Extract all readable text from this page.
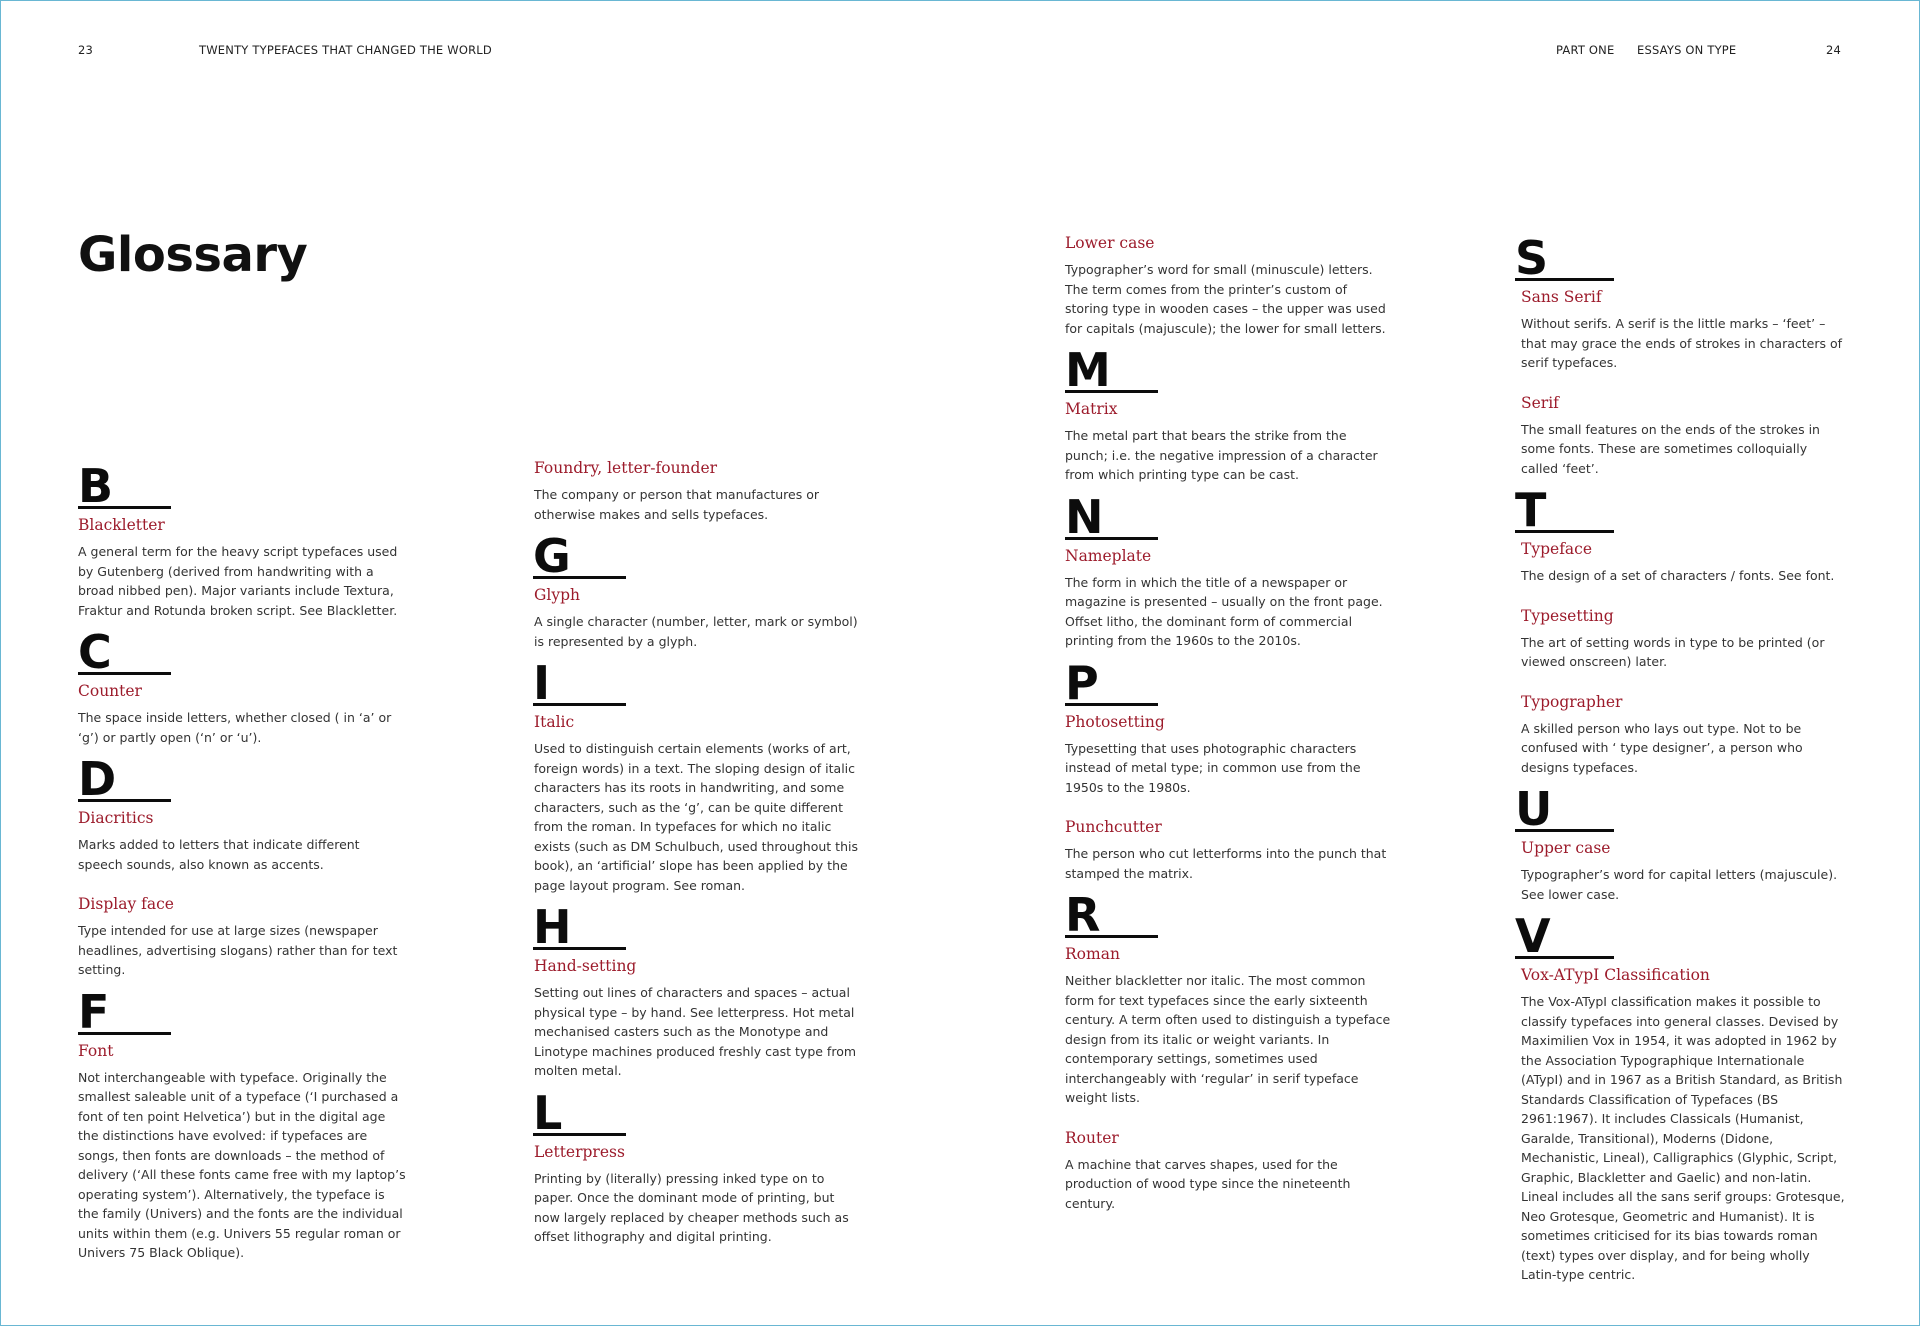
23	TWENTY TYPEFACES THAT CHANGED THE WORLD	PART ONE ESSAYS ON TYPE	24
Glossary
B
Blackletter

A general term for the heavy script typefaces used by Gutenberg (derived from handwriting with a broad nibbed pen). Major variants include Textura, Fraktur and Rotunda broken script. See Blackletter.

C
Counter

The space inside letters, whether closed ( in ‘a’ or ‘g’) or partly open (‘n’ or ‘u’).

D
Diacritics

Marks added to letters that indicate different speech sounds, also known as accents.

Display face

Type intended for use at large sizes (newspaper headlines, advertising slogans) rather than for text setting.

F
Font

Not interchangeable with typeface. Originally the smallest saleable unit of a typeface (‘I purchased a font of ten point Helvetica’) but in the digital age the distinctions have evolved: if typefaces are songs, then fonts are downloads – the method of delivery (‘All these fonts came free with my laptop’s operating system’). Alternatively, the typeface is the family (Univers) and the fonts are the individual units within them (e.g. Univers 55 regular roman or Univers 75 Black Oblique).

Foundry, letter-founder

The company or person that manufactures or otherwise makes and sells typefaces.

G
Glyph

A single character (number, letter, mark or symbol) is represented by a glyph.

I
Italic

Used to distinguish certain elements (works of art, foreign words) in a text. The sloping design of italic characters has its roots in handwriting, and some characters, such as the ‘g’, can be quite different from the roman. In typefaces for which no italic exists (such as DM Schulbuch, used throughout this book), an ‘artificial’ slope has been applied by the page layout program. See roman.

H
Hand-setting

Setting out lines of characters and spaces – actual physical type – by hand. See letterpress. Hot metal mechanised casters such as the Monotype and Linotype machines produced freshly cast type from molten metal.

L
Letterpress

Printing by (literally) pressing inked type on to paper. Once the dominant mode of printing, but now largely replaced by cheaper methods such as offset lithography and digital printing.

Lower case

Typographer’s word for small (minuscule) letters. The term comes from the printer’s custom of storing type in wooden cases – the upper was used for capitals (majuscule); the lower for small letters.

M
Matrix

The metal part that bears the strike from the punch; i.e. the negative impression of a character from which printing type can be cast.

N
Nameplate

The form in which the title of a newspaper or magazine is presented – usually on the front page. Offset litho, the dominant form of commercial printing from the 1960s to the 2010s.

P
Photosetting

Typesetting that uses photographic characters instead of metal type; in common use from the 1950s to the 1980s.

Punchcutter

The person who cut letterforms into the punch that stamped the matrix.

R
Roman

Neither blackletter nor italic. The most common form for text typefaces since the early sixteenth century. A term often used to distinguish a typeface design from its italic or weight variants. In contemporary settings, sometimes used interchangeably with ‘regular’ in serif typeface weight lists.

Router

A machine that carves shapes, used for the production of wood type since the nineteenth century.

S
Sans Serif

Without serifs. A serif is the little marks – ‘feet’ – that may grace the ends of strokes in characters of serif typefaces.

Serif

The small features on the ends of the strokes in some fonts. These are sometimes colloquially called ‘feet’.

T
Typeface

The design of a set of characters / fonts. See font.

Typesetting

The art of setting words in type to be printed (or viewed onscreen) later.

Typographer

A skilled person who lays out type. Not to be confused with ‘ type designer’, a person who designs typefaces.

U
Upper case

Typographer’s word for capital letters (majuscule). See lower case.

V
Vox-ATypI Classification

The Vox-ATypI classification makes it possible to classify typefaces into general classes. Devised by Maximilien Vox in 1954, it was adopted in 1962 by the Association Typographique Internationale (ATypI) and in 1967 as a British Standard, as British Standards Classification of Typefaces (BS 2961:1967). It includes Classicals (Humanist, Garalde, Transitional), Moderns (Didone, Mechanistic, Lineal), Calligraphics (Glyphic, Script, Graphic, Blackletter and Gaelic) and non-latin. Lineal includes all the sans serif groups: Grotesque, Neo Grotesque, Geometric and Humanist). It is sometimes criticised for its bias towards roman (text) types over display, and for being wholly Latin-type centric.
